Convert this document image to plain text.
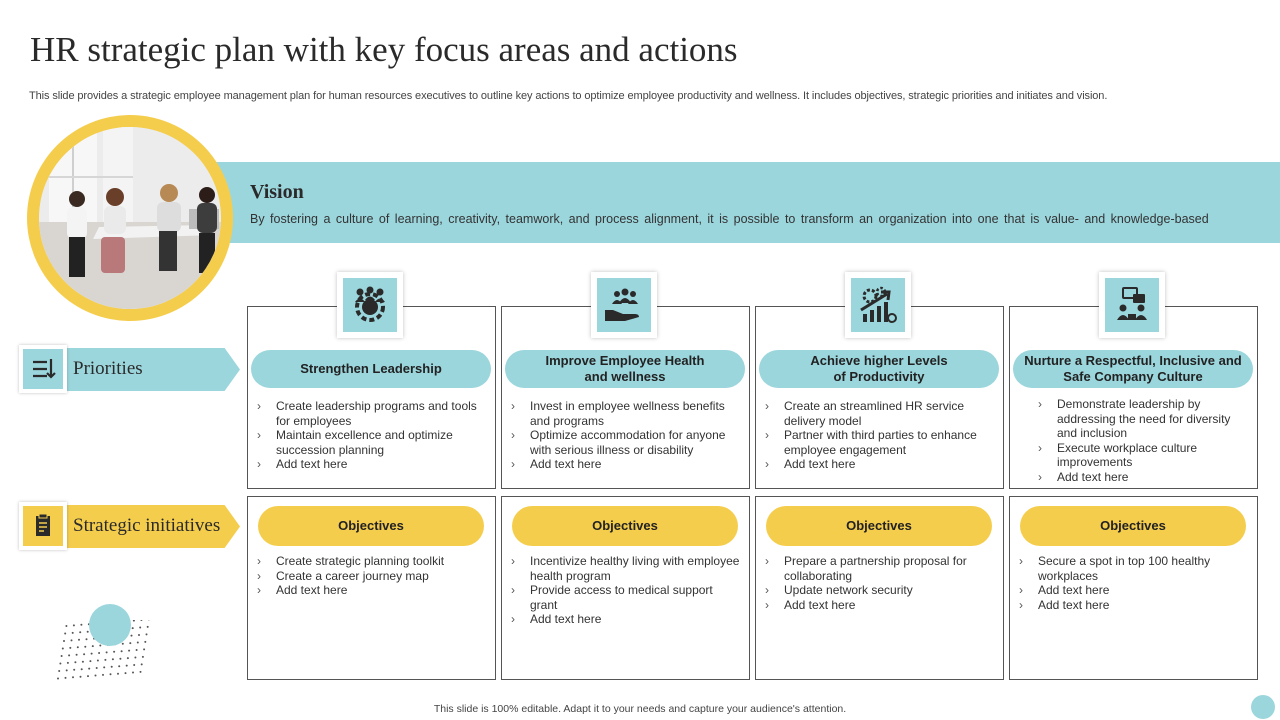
HR strategic plan with key focus areas and actions
This slide provides a strategic employee management plan for human resources executives to outline key actions to optimize employee productivity and wellness. It includes objectives, strategic priorities and initiates and vision.
Vision
By fostering a culture of learning, creativity, teamwork, and process alignment, it is possible to transform an organization into one that is value- and knowledge-based
Priorities
Strategic initiatives
Strengthen Leadership
› Create leadership programs and tools for employees
› Maintain excellence and optimize succession planning
› Add text here
Objectives
› Create strategic planning toolkit
› Create a career journey map
› Add text here
Improve Employee Health
and wellness
› Invest in employee wellness benefits and programs
› Optimize accommodation for anyone with serious illness or disability
› Add text here
Objectives
› Incentivize healthy living with employee health program
› Provide access to medical support grant
› Add text here
Achieve higher Levels
of Productivity
› Create an streamlined HR service delivery model
› Partner with third parties to enhance employee engagement
› Add text here
Objectives
› Prepare a partnership proposal for collaborating
› Update network security
› Add text here
Nurture a Respectful, Inclusive and
Safe Company Culture
› Demonstrate leadership by addressing the need for diversity and inclusion
› Execute workplace culture improvements
› Add text here
Objectives
› Secure a spot in top 100 healthy workplaces
› Add text here
› Add text here
This slide is 100% editable. Adapt it to your needs and capture your audience's attention.
